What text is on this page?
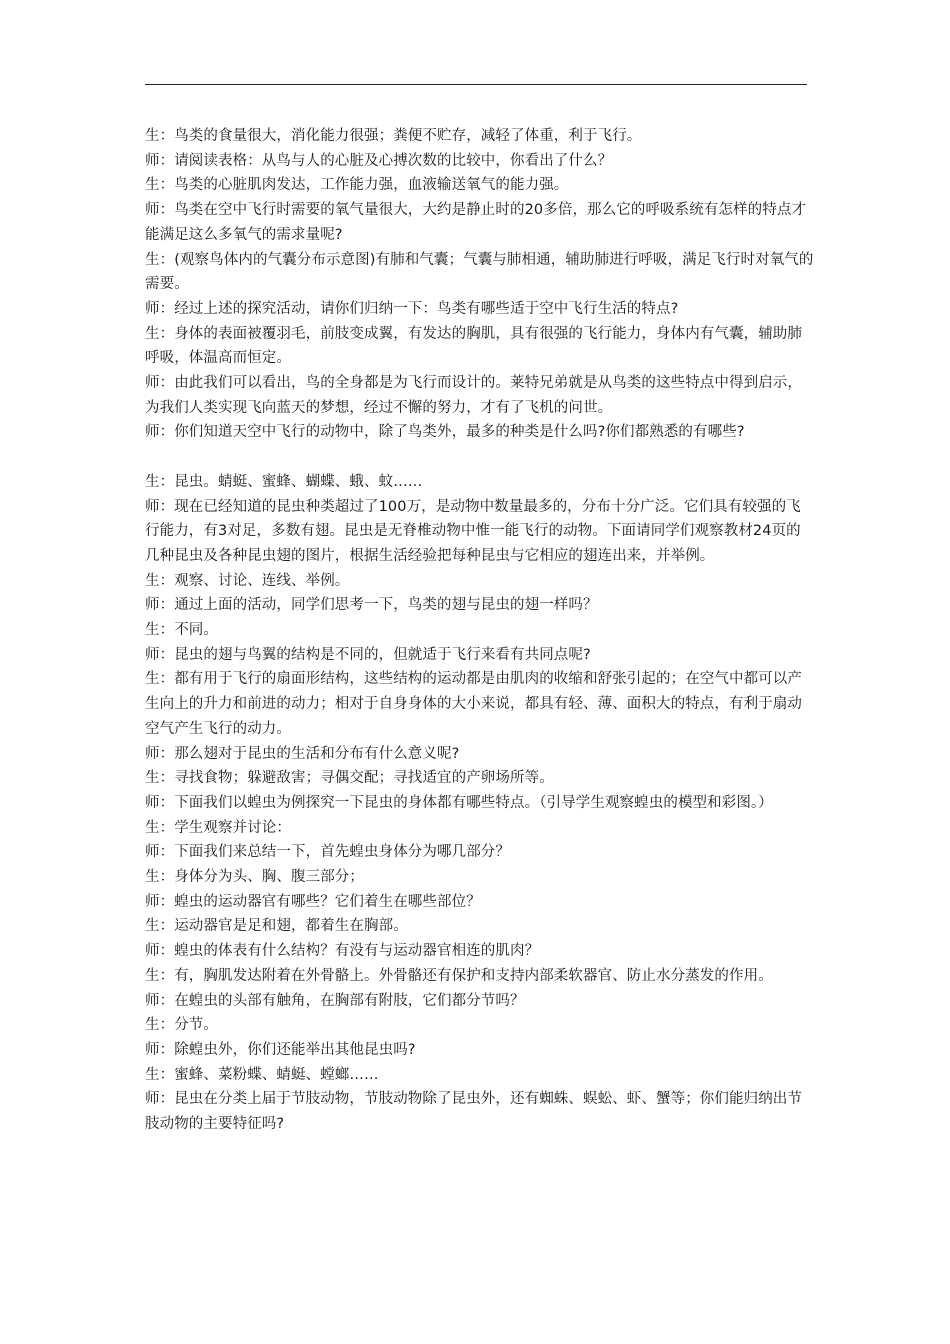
生：鸟类的食量很大，消化能力很强；粪便不贮存，减轻了体重，利于飞行。

师：请阅读表格：从鸟与人的心脏及心搏次数的比较中，你看出了什么？

生：鸟类的心脏肌肉发达，工作能力强，血液输送氧气的能力强。

师：鸟类在空中飞行时需要的氧气量很大，大约是静止时的20多倍，那么它的呼吸系统有怎样的特点才能满足这么多氧气的需求量呢?

生：(观察鸟体内的气囊分布示意图)有肺和气囊；气囊与肺相通，辅助肺进行呼吸，满足飞行时对氧气的需要。

师：经过上述的探究活动，请你们归纳一下：鸟类有哪些适于空中飞行生活的特点?

生：身体的表面被覆羽毛，前肢变成翼，有发达的胸肌，具有很强的飞行能力，身体内有气囊，辅助肺呼吸，体温高而恒定。

师：由此我们可以看出，鸟的全身都是为飞行而设计的。莱特兄弟就是从鸟类的这些特点中得到启示，为我们人类实现飞向蓝天的梦想，经过不懈的努力，才有了飞机的问世。

师：你们知道天空中飞行的动物中，除了鸟类外，最多的种类是什么吗?你们都熟悉的有哪些?

生：昆虫。蜻蜓、蜜蜂、蝴蝶、蛾、蚊……

师：现在已经知道的昆虫种类超过了100万，是动物中数量最多的，分布十分广泛。它们具有较强的飞行能力，有3对足，多数有翅。昆虫是无脊椎动物中惟一能飞行的动物。下面请同学们观察教材24页的几种昆虫及各种昆虫翅的图片，根据生活经验把每种昆虫与它相应的翅连出来，并举例。

生：观察、讨论、连线、举例。

师：通过上面的活动，同学们思考一下，鸟类的翅与昆虫的翅一样吗？

生：不同。

师：昆虫的翅与鸟翼的结构是不同的，但就适于飞行来看有共同点呢?

生：都有用于飞行的扇面形结构，这些结构的运动都是由肌肉的收缩和舒张引起的；在空气中都可以产生向上的升力和前进的动力；相对于自身身体的大小来说，都具有轻、薄、面积大的特点，有利于扇动空气产生飞行的动力。

师：那么翅对于昆虫的生活和分布有什么意义呢?

生：寻找食物；躲避敌害；寻偶交配；寻找适宜的产卵场所等。

师：下面我们以蝗虫为例探究一下昆虫的身体都有哪些特点。（引导学生观察蝗虫的模型和彩图。）

生：学生观察并讨论：

师：下面我们来总结一下，首先蝗虫身体分为哪几部分？

生：身体分为头、胸、腹三部分；

师：蝗虫的运动器官有哪些？它们着生在哪些部位？

生：运动器官是足和翅，都着生在胸部。

师：蝗虫的体表有什么结构？有没有与运动器官相连的肌肉？

生：有，胸肌发达附着在外骨骼上。外骨骼还有保护和支持内部柔软器官、防止水分蒸发的作用。

师：在蝗虫的头部有触角，在胸部有附肢，它们都分节吗？

生：分节。

师：除蝗虫外，你们还能举出其他昆虫吗?

生：蜜蜂、菜粉蝶、蜻蜓、螳螂……

师：昆虫在分类上届于节肢动物，节肢动物除了昆虫外，还有蜘蛛、蜈蚣、虾、蟹等；你们能归纳出节肢动物的主要特征吗?
